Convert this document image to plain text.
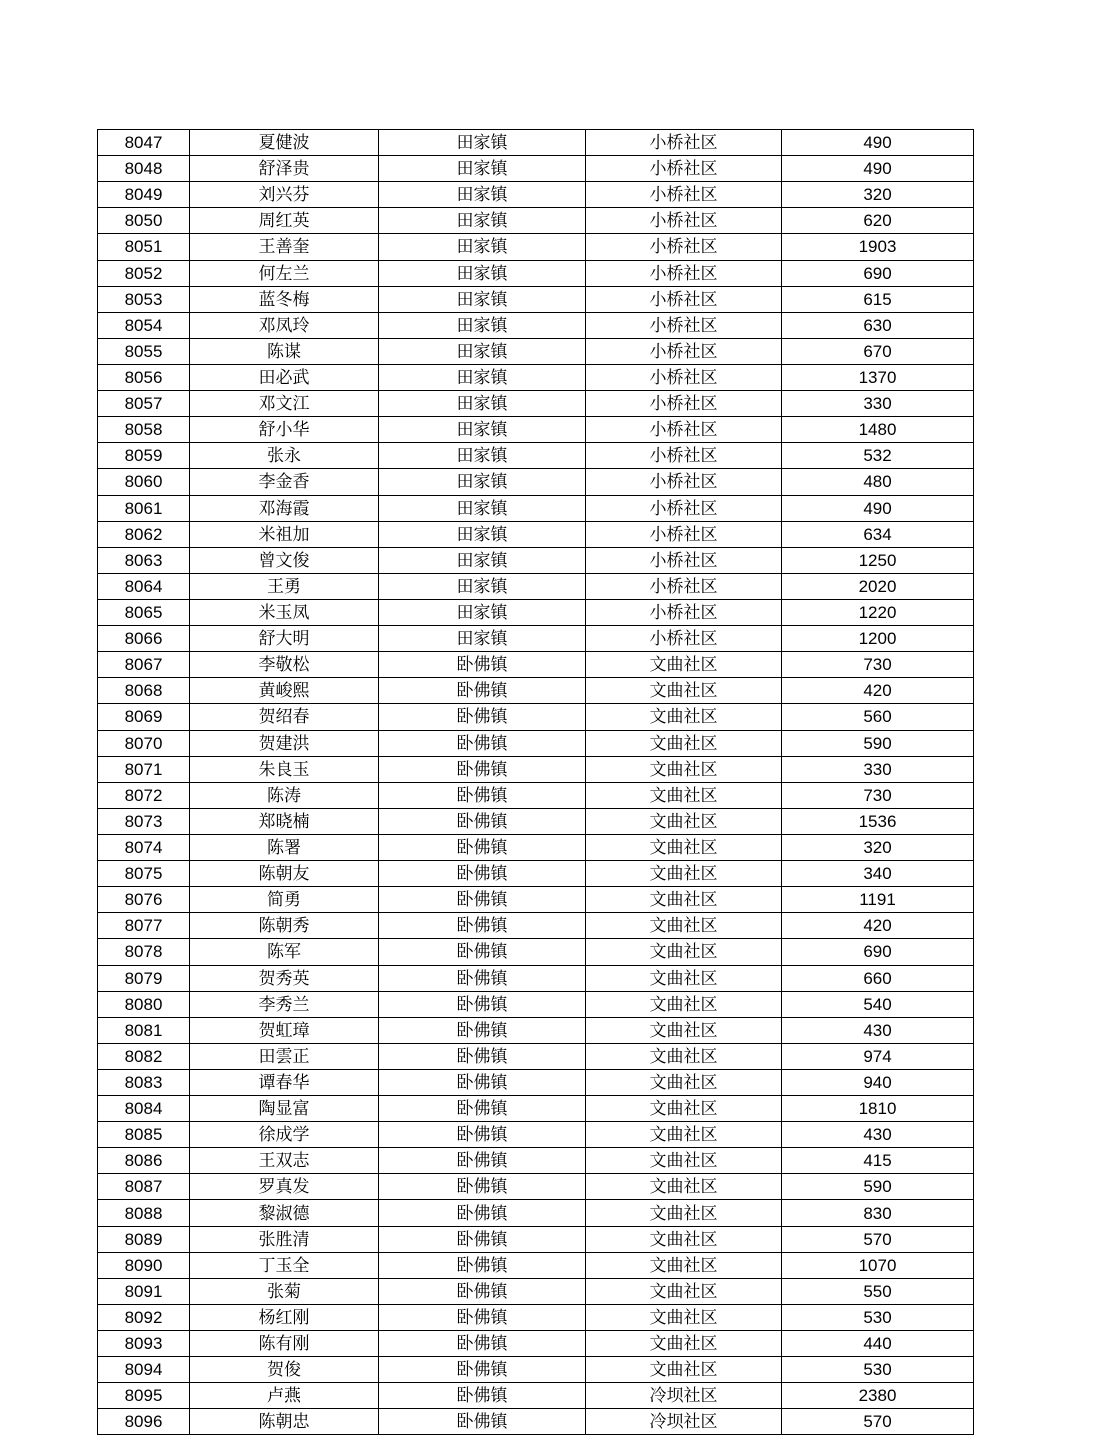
8047	夏健波	田家镇	小桥社区	490
8048	舒泽贵	田家镇	小桥社区	490
8049	刘兴芬	田家镇	小桥社区	320
8050	周红英	田家镇	小桥社区	620
8051	王善奎	田家镇	小桥社区	1903
8052	何左兰	田家镇	小桥社区	690
8053	蓝冬梅	田家镇	小桥社区	615
8054	邓凤玲	田家镇	小桥社区	630
8055	陈谋	田家镇	小桥社区	670
8056	田必武	田家镇	小桥社区	1370
8057	邓文江	田家镇	小桥社区	330
8058	舒小华	田家镇	小桥社区	1480
8059	张永	田家镇	小桥社区	532
8060	李金香	田家镇	小桥社区	480
8061	邓海霞	田家镇	小桥社区	490
8062	米祖加	田家镇	小桥社区	634
8063	曾文俊	田家镇	小桥社区	1250
8064	王勇	田家镇	小桥社区	2020
8065	米玉凤	田家镇	小桥社区	1220
8066	舒大明	田家镇	小桥社区	1200
8067	李敬松	卧佛镇	文曲社区	730
8068	黄峻熙	卧佛镇	文曲社区	420
8069	贺绍春	卧佛镇	文曲社区	560
8070	贺建洪	卧佛镇	文曲社区	590
8071	朱良玉	卧佛镇	文曲社区	330
8072	陈涛	卧佛镇	文曲社区	730
8073	郑晓楠	卧佛镇	文曲社区	1536
8074	陈署	卧佛镇	文曲社区	320
8075	陈朝友	卧佛镇	文曲社区	340
8076	简勇	卧佛镇	文曲社区	1191
8077	陈朝秀	卧佛镇	文曲社区	420
8078	陈军	卧佛镇	文曲社区	690
8079	贺秀英	卧佛镇	文曲社区	660
8080	李秀兰	卧佛镇	文曲社区	540
8081	贺虹璋	卧佛镇	文曲社区	430
8082	田雲正	卧佛镇	文曲社区	974
8083	谭春华	卧佛镇	文曲社区	940
8084	陶显富	卧佛镇	文曲社区	1810
8085	徐成学	卧佛镇	文曲社区	430
8086	王双志	卧佛镇	文曲社区	415
8087	罗真发	卧佛镇	文曲社区	590
8088	黎淑德	卧佛镇	文曲社区	830
8089	张胜清	卧佛镇	文曲社区	570
8090	丁玉全	卧佛镇	文曲社区	1070
8091	张菊	卧佛镇	文曲社区	550
8092	杨红刚	卧佛镇	文曲社区	530
8093	陈有刚	卧佛镇	文曲社区	440
8094	贺俊	卧佛镇	文曲社区	530
8095	卢燕	卧佛镇	冷坝社区	2380
8096	陈朝忠	卧佛镇	冷坝社区	570
